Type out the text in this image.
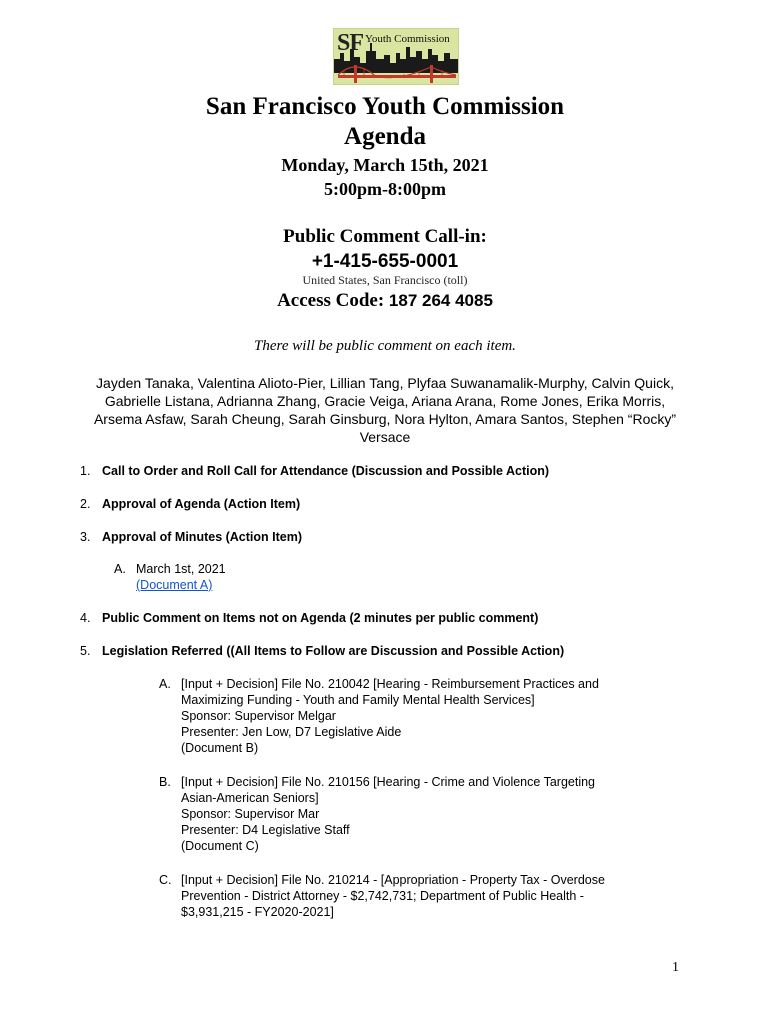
SF Youth Commission
San Francisco Youth Commission
Agenda
Monday, March 15th, 2021
5:00pm-8:00pm
Public Comment Call-in:
+1-415-655-0001
United States, San Francisco (toll)
Access Code: 187 264 4085
There will be public comment on each item.
Jayden Tanaka, Valentina Alioto-Pier, Lillian Tang, Plyfaa Suwanamalik-Murphy, Calvin Quick, Gabrielle Listana, Adrianna Zhang, Gracie Veiga, Ariana Arana, Rome Jones, Erika Morris, Arsema Asfaw, Sarah Cheung, Sarah Ginsburg, Nora Hylton, Amara Santos, Stephen “Rocky” Versace
1. Call to Order and Roll Call for Attendance (Discussion and Possible Action)
2. Approval of Agenda (Action Item)
3. Approval of Minutes (Action Item)
A. March 1st, 2021
(Document A)
4. Public Comment on Items not on Agenda (2 minutes per public comment)
5. Legislation Referred ((All Items to Follow are Discussion and Possible Action)
A. [Input + Decision] File No. 210042 [Hearing - Reimbursement Practices and
Maximizing Funding - Youth and Family Mental Health Services]
Sponsor: Supervisor Melgar
Presenter: Jen Low, D7 Legislative Aide
(Document B)
B. [Input + Decision] File No. 210156 [Hearing - Crime and Violence Targeting
Asian-American Seniors]
Sponsor: Supervisor Mar
Presenter: D4 Legislative Staff
(Document C)
C. [Input + Decision] File No. 210214 - [Appropriation - Property Tax - Overdose
Prevention - District Attorney - $2,742,731; Department of Public Health -
$3,931,215 - FY2020-2021]
1
